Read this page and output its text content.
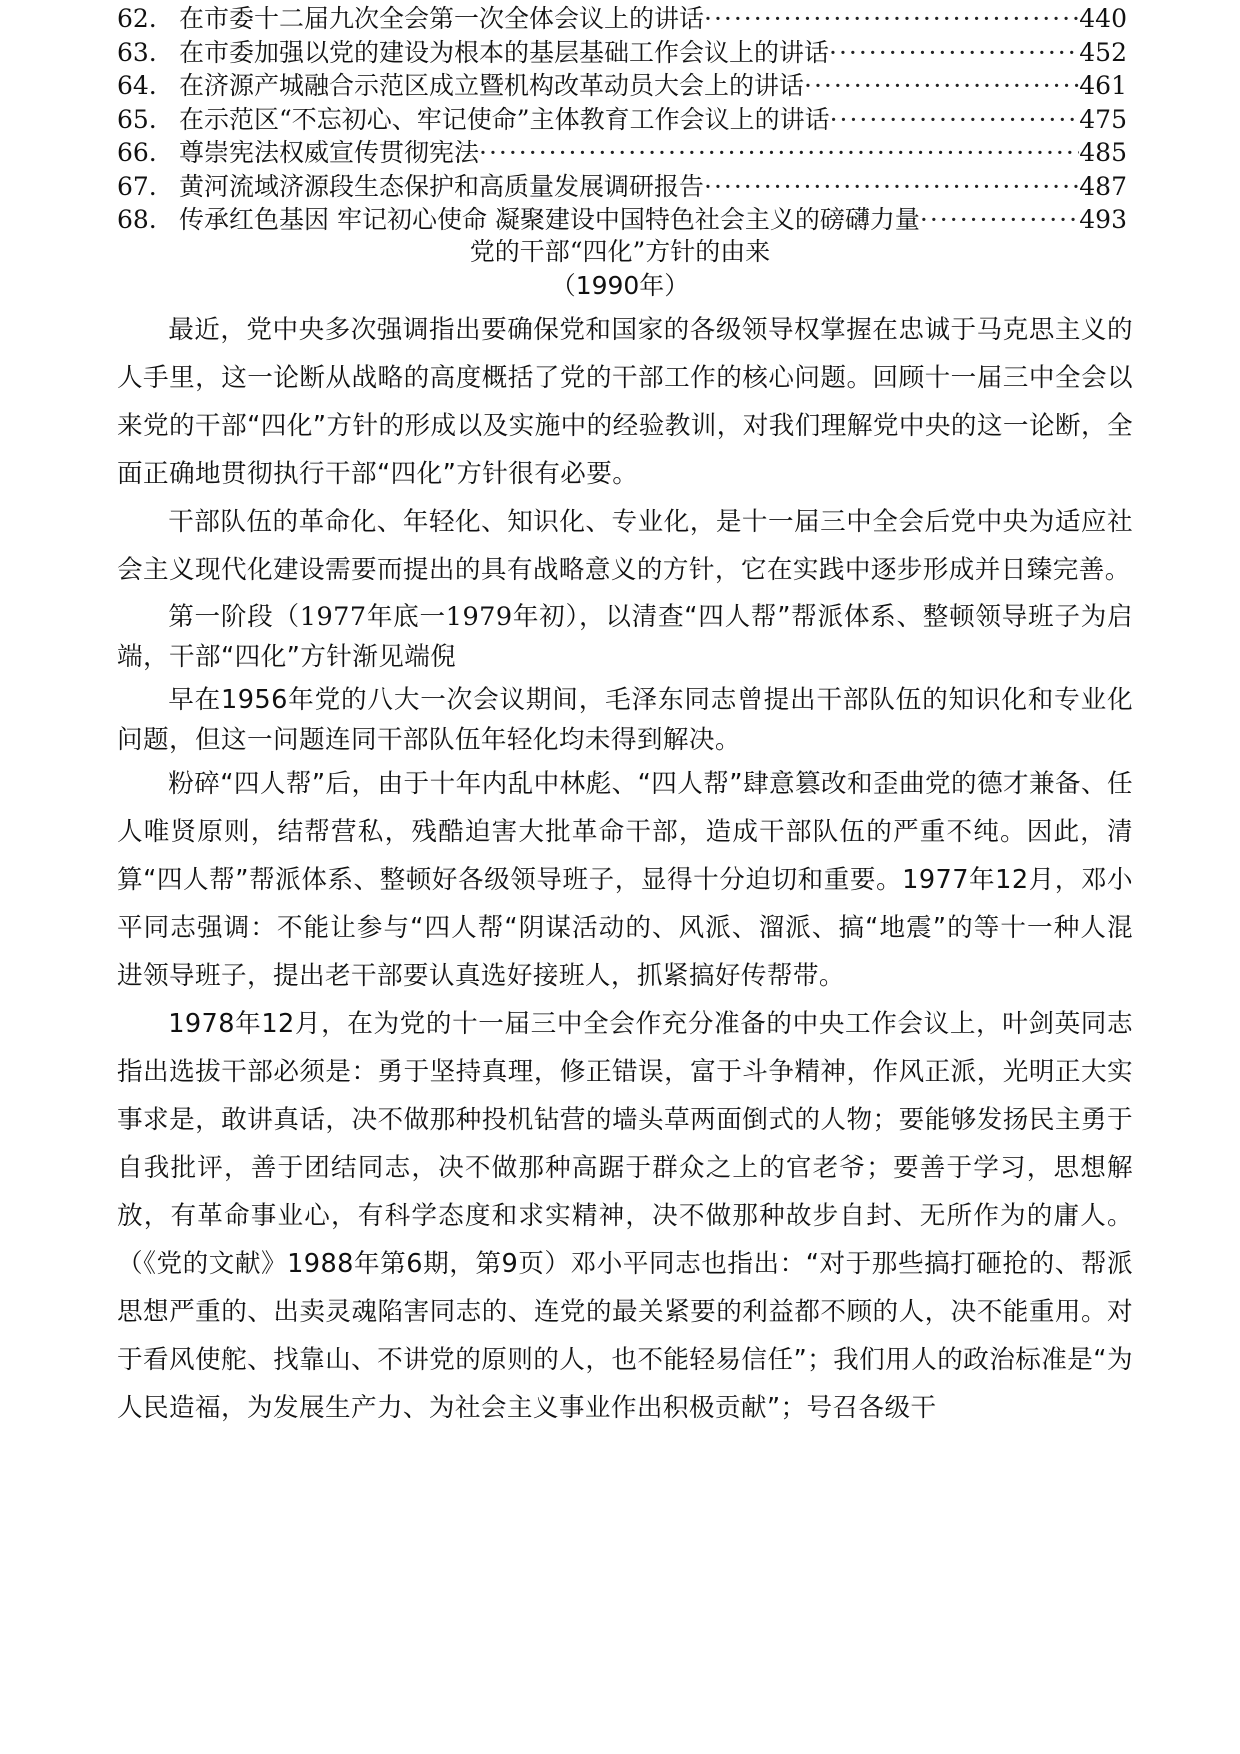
62. 在市委十二届九次全会第一次全体会议上的讲话 ·····	440
63. 在市委加强以党的建设为根本的基层基础工作会议上的讲话 ·····	452
64. 在济源产城融合示范区成立暨机构改革动员大会上的讲话 ·····	461
65. 在示范区“不忘初心、牢记使命”主体教育工作会议上的讲话 ·····	475
66. 尊崇宪法权威宣传贯彻宪法 ·····	485
67. 黄河流域济源段生态保护和高质量发展调研报告 ·····	487
68. 传承红色基因 牢记初心使命 凝聚建设中国特色社会主义的磅礴力量 ·····	493
党的干部“四化”方针的由来
（1990年）

最近，党中央多次强调指出要确保党和国家的各级领导权掌握在忠诚于马克思主义的人手里，这一论断从战略的高度概括了党的干部工作的核心问题。回顾十一届三中全会以来党的干部“四化”方针的形成以及实施中的经验教训，对我们理解党中央的这一论断，全面正确地贯彻执行干部“四化”方针很有必要。

干部队伍的革命化、年轻化、知识化、专业化，是十一届三中全会后党中央为适应社会主义现代化建设需要而提出的具有战略意义的方针，它在实践中逐步形成并日臻完善。

第一阶段（1977年底一1979年初），以清查“四人帮”帮派体系、整顿领导班子为启端，干部“四化”方针渐见端倪

早在1956年党的八大一次会议期间，毛泽东同志曾提出干部队伍的知识化和专业化问题，但这一问题连同干部队伍年轻化均未得到解决。

粉碎“四人帮”后，由于十年内乱中林彪、“四人帮”肆意篡改和歪曲党的德才兼备、任人唯贤原则，结帮营私，残酷迫害大批革命干部，造成干部队伍的严重不纯。因此，清算“四人帮”帮派体系、整顿好各级领导班子，显得十分迫切和重要。1977年12月，邓小平同志强调：不能让参与“四人帮“阴谋活动的、风派、溜派、搞“地震”的等十一种人混进领导班子，提出老干部要认真选好接班人，抓紧搞好传帮带。

1978年12月，在为党的十一届三中全会作充分准备的中央工作会议上，叶剑英同志指出选拔干部必须是：勇于坚持真理，修正错误，富于斗争精神，作风正派，光明正大实事求是，敢讲真话，决不做那种投机钻营的墙头草两面倒式的人物；要能够发扬民主勇于自我批评，善于团结同志，决不做那种高踞于群众之上的官老爷；要善于学习，思想解放，有革命事业心，有科学态度和求实精神，决不做那种故步自封、无所作为的庸人。（《党的文献》1988年第6期，第9页）邓小平同志也指出：“对于那些搞打砸抢的、帮派思想严重的、出卖灵魂陷害同志的、连党的最关紧要的利益都不顾的人，决不能重用。对于看风使舵、找靠山、不讲党的原则的人，也不能轻易信任”；我们用人的政治标准是“为人民造福，为发展生产力、为社会主义事业作出积极贡献”；号召各级干
